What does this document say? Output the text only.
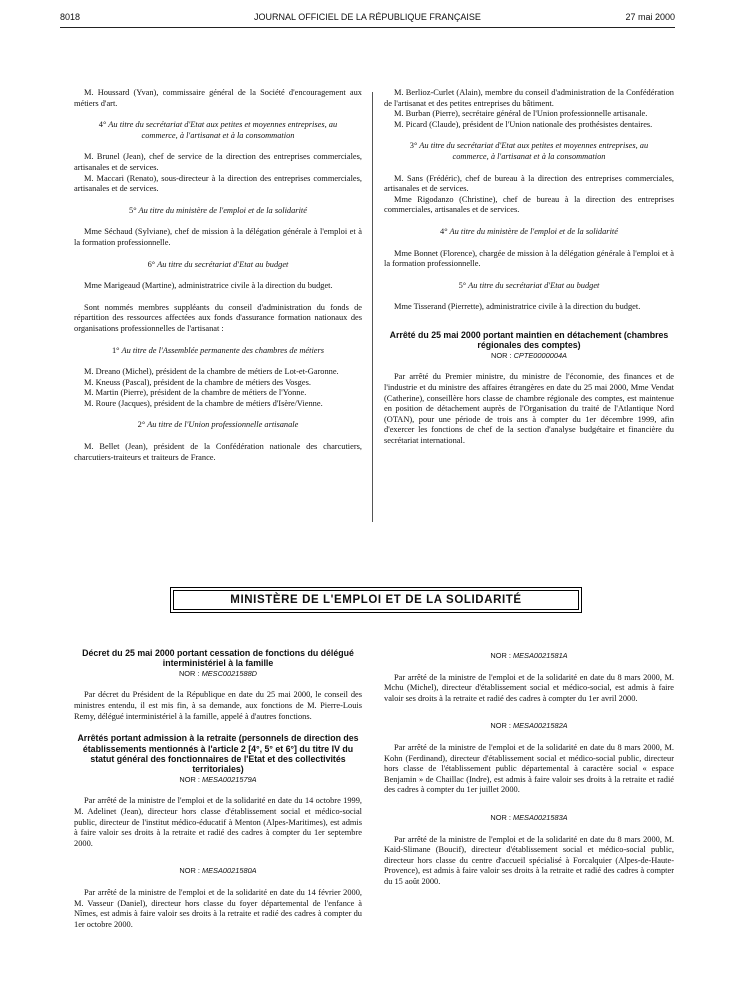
8018	JOURNAL OFFICIEL DE LA RÉPUBLIQUE FRANÇAISE	27 mai 2000

M. Houssard (Yvan), commissaire général de la Société d'encouragement aux métiers d'art.

4° Au titre du secrétariat d'Etat aux petites et moyennes entreprises, au commerce, à l'artisanat et à la consommation

M. Brunel (Jean), chef de service de la direction des entreprises commerciales, artisanales et de services.

M. Maccari (Renato), sous-directeur à la direction des entreprises commerciales, artisanales et de services.

5° Au titre du ministère de l'emploi et de la solidarité

Mme Séchaud (Sylviane), chef de mission à la délégation générale à l'emploi et à la formation professionnelle.

6° Au titre du secrétariat d'Etat au budget

Mme Marigeaud (Martine), administratrice civile à la direction du budget.

Sont nommés membres suppléants du conseil d'administration du fonds de répartition des ressources affectées aux fonds d'assurance formation nationaux des organisations professionnelles de l'artisanat :

1° Au titre de l'Assemblée permanente des chambres de métiers

M. Dreano (Michel), président de la chambre de métiers de Lot-et-Garonne.

M. Kneuss (Pascal), président de la chambre de métiers des Vosges.

M. Martin (Pierre), président de la chambre de métiers de l'Yonne.

M. Roure (Jacques), président de la chambre de métiers d'Isère/Vienne.

2° Au titre de l'Union professionnelle artisanale

M. Bellet (Jean), président de la Confédération nationale des charcutiers, charcutiers-traiteurs et traiteurs de France.

M. Berlioz-Curlet (Alain), membre du conseil d'administration de la Confédération de l'artisanat et des petites entreprises du bâtiment.

M. Burban (Pierre), secrétaire général de l'Union professionnelle artisanale.

M. Picard (Claude), président de l'Union nationale des prothésistes dentaires.

3° Au titre du secrétariat d'Etat aux petites et moyennes entreprises, au commerce, à l'artisanat et à la consommation

M. Sans (Frédéric), chef de bureau à la direction des entreprises commerciales, artisanales et de services.

Mme Rigodanzo (Christine), chef de bureau à la direction des entreprises commerciales, artisanales et de services.

4° Au titre du ministère de l'emploi et de la solidarité

Mme Bonnet (Florence), chargée de mission à la délégation générale à l'emploi et à la formation professionnelle.

5° Au titre du secrétariat d'Etat au budget

Mme Tisserand (Pierrette), administratrice civile à la direction du budget.

Arrêté du 25 mai 2000 portant maintien en détachement (chambres régionales des comptes)

NOR : CPTE0000004A

Par arrêté du Premier ministre, du ministre de l'économie, des finances et de l'industrie et du ministre des affaires étrangères en date du 25 mai 2000, Mme Vendat (Catherine), conseillère hors classe de chambre régionale des comptes, est maintenue en position de détachement auprès de l'Organisation du traité de l'Atlantique Nord (OTAN), pour une période de trois ans à compter du 1er décembre 1999, afin d'exercer les fonctions de chef de la section d'analyse budgétaire et financière du secrétariat international.

MINISTÈRE DE L'EMPLOI ET DE LA SOLIDARITÉ

Décret du 25 mai 2000 portant cessation de fonctions du délégué interministériel à la famille

NOR : MESC0021588D

Par décret du Président de la République en date du 25 mai 2000, le conseil des ministres entendu, il est mis fin, à sa demande, aux fonctions de M. Pierre-Louis Remy, délégué interministériel à la famille, appelé à d'autres fonctions.

Arrêtés portant admission à la retraite (personnels de direction des établissements mentionnés à l'article 2 [4°, 5° et 6°] du titre IV du statut général des fonctionnaires de l'Etat et des collectivités territoriales)

NOR : MESA0021579A

Par arrêté de la ministre de l'emploi et de la solidarité en date du 14 octobre 1999, M. Adelinet (Jean), directeur hors classe d'établissement social et médico-social public, directeur de l'institut médico-éducatif à Menton (Alpes-Maritimes), est admis à faire valoir ses droits à la retraite et radié des cadres à compter du 1er septembre 2000.

NOR : MESA0021580A

Par arrêté de la ministre de l'emploi et de la solidarité en date du 14 février 2000, M. Vasseur (Daniel), directeur hors classe du foyer départemental de l'enfance à Nîmes, est admis à faire valoir ses droits à la retraite et radié des cadres à compter du 1er octobre 2000.

NOR : MESA0021581A

Par arrêté de la ministre de l'emploi et de la solidarité en date du 8 mars 2000, M. Mchu (Michel), directeur d'établissement social et médico-social, est admis à faire valoir ses droits à la retraite et radié des cadres à compter du 1er avril 2000.

NOR : MESA0021582A

Par arrêté de la ministre de l'emploi et de la solidarité en date du 8 mars 2000, M. Kohn (Ferdinand), directeur d'établissement social et médico-social public, directeur hors classe de l'établissement public départemental à caractère social « espace Benjamin » de Chaillac (Indre), est admis à faire valoir ses droits à la retraite et radié des cadres à compter du 1er juillet 2000.

NOR : MESA0021583A

Par arrêté de la ministre de l'emploi et de la solidarité en date du 8 mars 2000, M. Kaid-Slimane (Boucif), directeur d'établissement social et médico-social public, directeur hors classe du centre d'accueil spécialisé à Forcalquier (Alpes-de-Haute-Provence), est admis à faire valoir ses droits à la retraite et radié des cadres à compter du 15 août 2000.
